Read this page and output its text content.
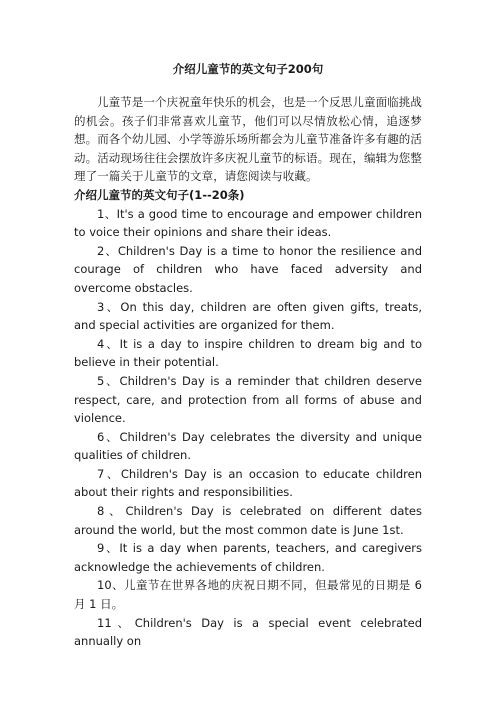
介绍儿童节的英文句子200句

儿童节是一个庆祝童年快乐的机会，也是一个反思儿童面临挑战的机会。孩子们非常喜欢儿童节，他们可以尽情放松心情，追逐梦想。而各个幼儿园、小学等游乐场所都会为儿童节准备许多有趣的活动。活动现场往往会摆放许多庆祝儿童节的标语。现在，编辑为您整理了一篇关于儿童节的文章，请您阅读与收藏。

介绍儿童节的英文句子(1--20条)

1、It's a good time to encourage and empower children to voice their opinions and share their ideas.

2、Children's Day is a time to honor the resilience and courage of children who have faced adversity and overcome obstacles.

3、On this day, children are often given gifts, treats, and special activities are organized for them.

4、It is a day to inspire children to dream big and to believe in their potential.

5、Children's Day is a reminder that children deserve respect, care, and protection from all forms of abuse and violence.

6、Children's Day celebrates the diversity and unique qualities of children.

7、Children's Day is an occasion to educate children about their rights and responsibilities.

8、Children's Day is celebrated on different dates around the world, but the most common date is June 1st.

9、It is a day when parents, teachers, and caregivers acknowledge the achievements of children.

10、儿童节在世界各地的庆祝日期不同，但最常见的日期是 6 月 1 日。

11、Children's Day is a special event celebrated annually on
